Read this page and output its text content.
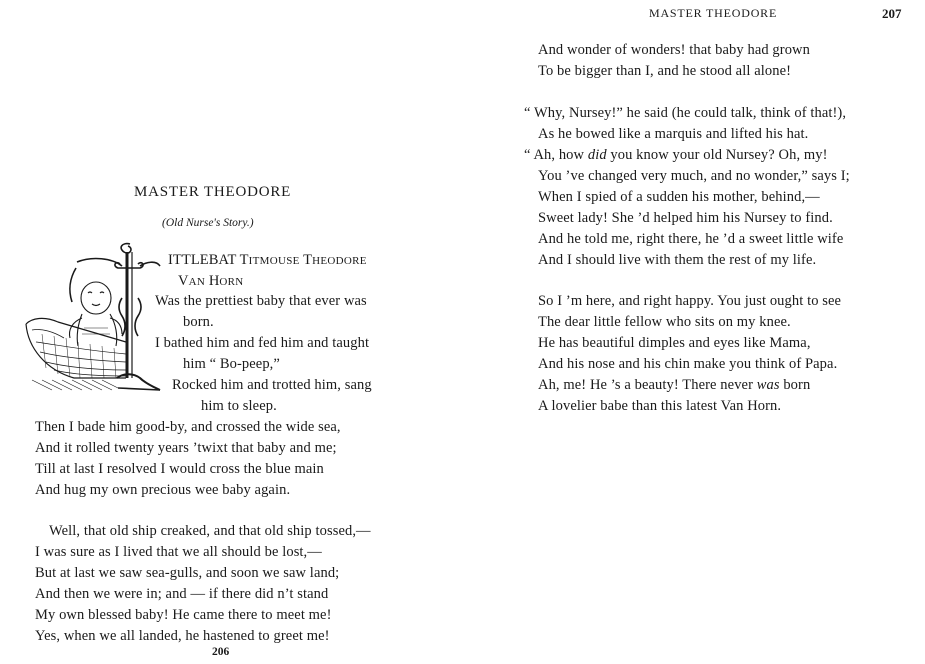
MASTER THEODORE
(Old Nurse's Story.)
ITTLEBAT TITMOUSE THEODORE
VAN HORN
Was the prettiest baby that ever was
born.
I bathed him and fed him and taught
him “ Bo-peep,”
Rocked him and trotted him, sang
him to sleep.
Then I bade him good-by, and crossed the wide sea,
And it rolled twenty years ’twixt that baby and me;
Till at last I resolved I would cross the blue main
And hug my own precious wee baby again.
Well, that old ship creaked, and that old ship tossed,—
I was sure as I lived that we all should be lost,—
But at last we saw sea-gulls, and soon we saw land;
And then we were in; and — if there did n’t stand
My own blessed baby! He came there to meet me!
Yes, when we all landed, he hastened to greet me!
206
MASTER THEODORE	207
And wonder of wonders! that baby had grown
To be bigger than I, and he stood all alone!
“ Why, Nursey!” he said (he could talk, think of that!),
As he bowed like a marquis and lifted his hat.
“ Ah, how did you know your old Nursey? Oh, my!
You ’ve changed very much, and no wonder,” says I;
When I spied of a sudden his mother, behind,—
Sweet lady! She ’d helped him his Nursey to find.
And he told me, right there, he ’d a sweet little wife
And I should live with them the rest of my life.
So I ’m here, and right happy. You just ought to see
The dear little fellow who sits on my knee.
He has beautiful dimples and eyes like Mama,
And his nose and his chin make you think of Papa.
Ah, me! He ’s a beauty! There never was born
A lovelier babe than this latest Van Horn.
